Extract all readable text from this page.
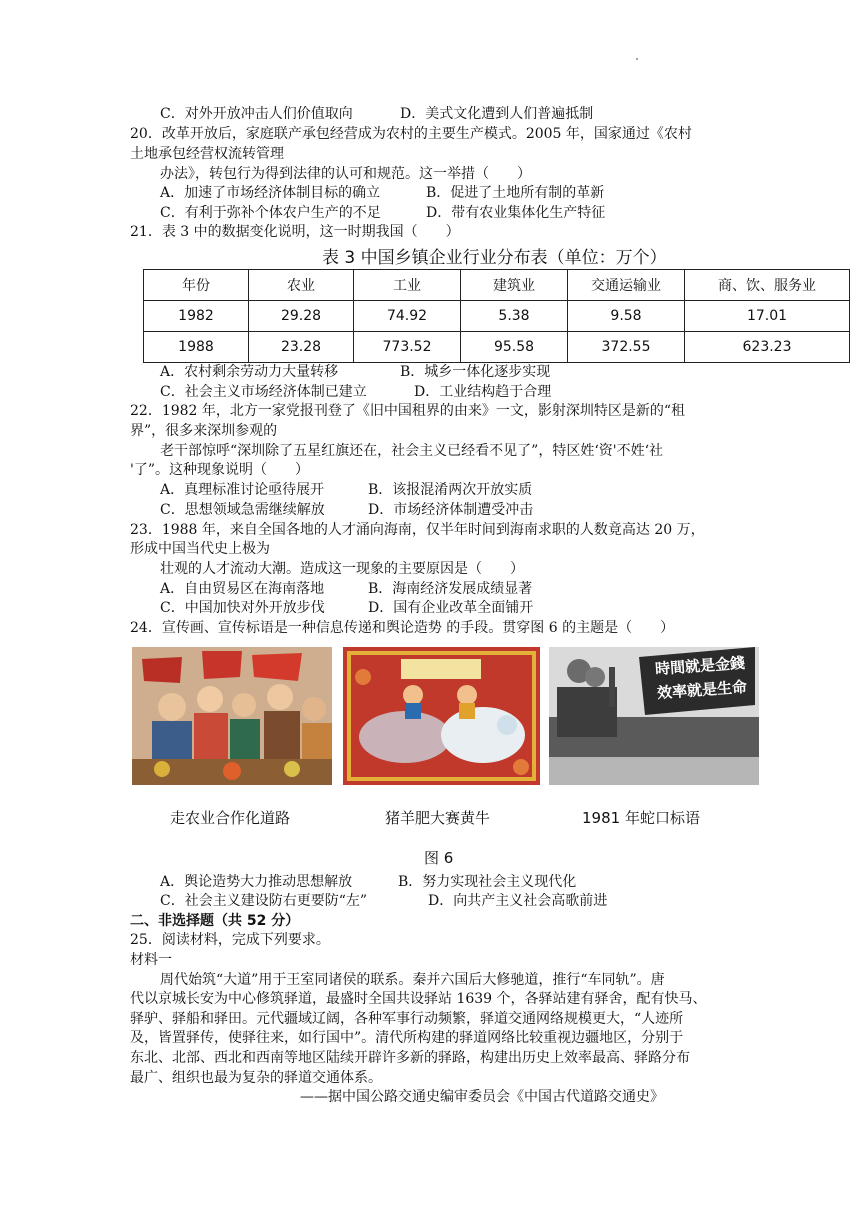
C．对外开放冲击人们价值取向	D．美式文化遭到人们普遍抵制
20．改革开放后，家庭联产承包经营成为农村的主要生产模式。2005 年，国家通过《农村
土地承包经营权流转管理
办法》，转包行为得到法律的认可和规范。这一举措（　　）
A．加速了市场经济体制目标的确立	B．促进了土地所有制的革新
C．有利于弥补个体农户生产的不足	D．带有农业集体化生产特征
21．表 3 中的数据变化说明，这一时期我国（　　）
表 3 中国乡镇企业行业分布表（单位：万个）
年份	农业	工业	建筑业	交通运输业	商、饮、服务业
1982	29.28	74.92	5.38	9.58	17.01
1988	23.28	773.52	95.58	372.55	623.23
A．农村剩余劳动力大量转移	B．城乡一体化逐步实现
C．社会主义市场经济体制已建立	D．工业结构趋于合理
22．1982 年，北方一家党报刊登了《旧中国租界的由来》一文，影射深圳特区是新的“租
界”，很多来深圳参观的
老干部惊呼“深圳除了五星红旗还在，社会主义已经看不见了”，特区姓‘资'不姓‘社
'了”。这种现象说明（　　）
A．真理标准讨论亟待展开	B．该报混淆两次开放实质
C．思想领域急需继续解放	D．市场经济体制遭受冲击
23．1988 年，来自全国各地的人才涌向海南，仅半年时间到海南求职的人数竟高达 20 万，
形成中国当代史上极为
壮观的人才流动大潮。造成这一现象的主要原因是（　　）
A．自由贸易区在海南落地	B．海南经济发展成绩显著
C．中国加快对外开放步伐	D．国有企业改革全面铺开
24．宣传画、宣传标语是一种信息传递和舆论造势 的手段。贯穿图 6 的主题是（　　）
時間就是金錢
效率就是生命
走农业合作化道路	猪羊肥大赛黄牛	1981 年蛇口标语
图 6
A．舆论造势大力推动思想解放	B．努力实现社会主义现代化
C．社会主义建设防右更要防“左”	D．向共产主义社会高歌前进
二、非选择题（共 52 分）
25．阅读材料，完成下列要求。
材料一
周代始筑“大道”用于王室同诸侯的联系。秦并六国后大修驰道，推行“车同轨”。唐
代以京城长安为中心修筑驿道，最盛时全国共设驿站 1639 个，各驿站建有驿舍，配有快马、
驿驴、驿船和驿田。元代疆域辽阔，各种军事行动频繁，驿道交通网络规模更大，“人迹所
及，皆置驿传，使驿往来，如行国中”。清代所构建的驿道网络比较重视边疆地区，分别于
东北、北部、西北和西南等地区陆续开辟许多新的驿路，构建出历史上效率最高、驿路分布
最广、组织也最为复杂的驿道交通体系。
——据中国公路交通史编审委员会《中国古代道路交通史》
